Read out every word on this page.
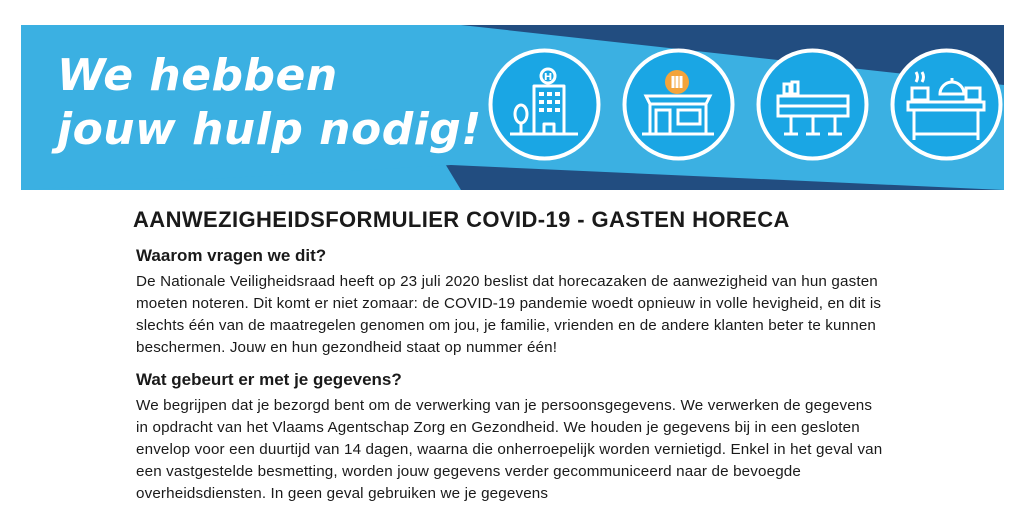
We hebben
jouw hulp nodig!
H
AANWEZIGHEIDSFORMULIER COVID-19 - GASTEN HORECA
Waarom vragen we dit?

De Nationale Veiligheidsraad heeft op 23 juli 2020 beslist dat horecazaken de aanwezigheid van hun gasten moeten noteren. Dit komt er niet zomaar: de COVID-19 pandemie woedt opnieuw in volle hevigheid, en dit is slechts één van de maatregelen genomen om jou, je familie, vrienden en de andere klanten beter te kunnen beschermen. Jouw en hun gezondheid staat op nummer één!

Wat gebeurt er met je gegevens?

We begrijpen dat je bezorgd bent om de verwerking van je persoonsgegevens. We verwerken de gegevens in opdracht van het Vlaams Agentschap Zorg en Gezondheid. We houden je gegevens bij in een gesloten envelop voor een duurtijd van 14 dagen, waarna die onherroepelijk worden vernietigd. Enkel in het geval van een vastgestelde besmetting, worden jouw gegevens verder gecommuniceerd naar de bevoegde overheidsdiensten. In geen geval gebruiken we je gegevens
